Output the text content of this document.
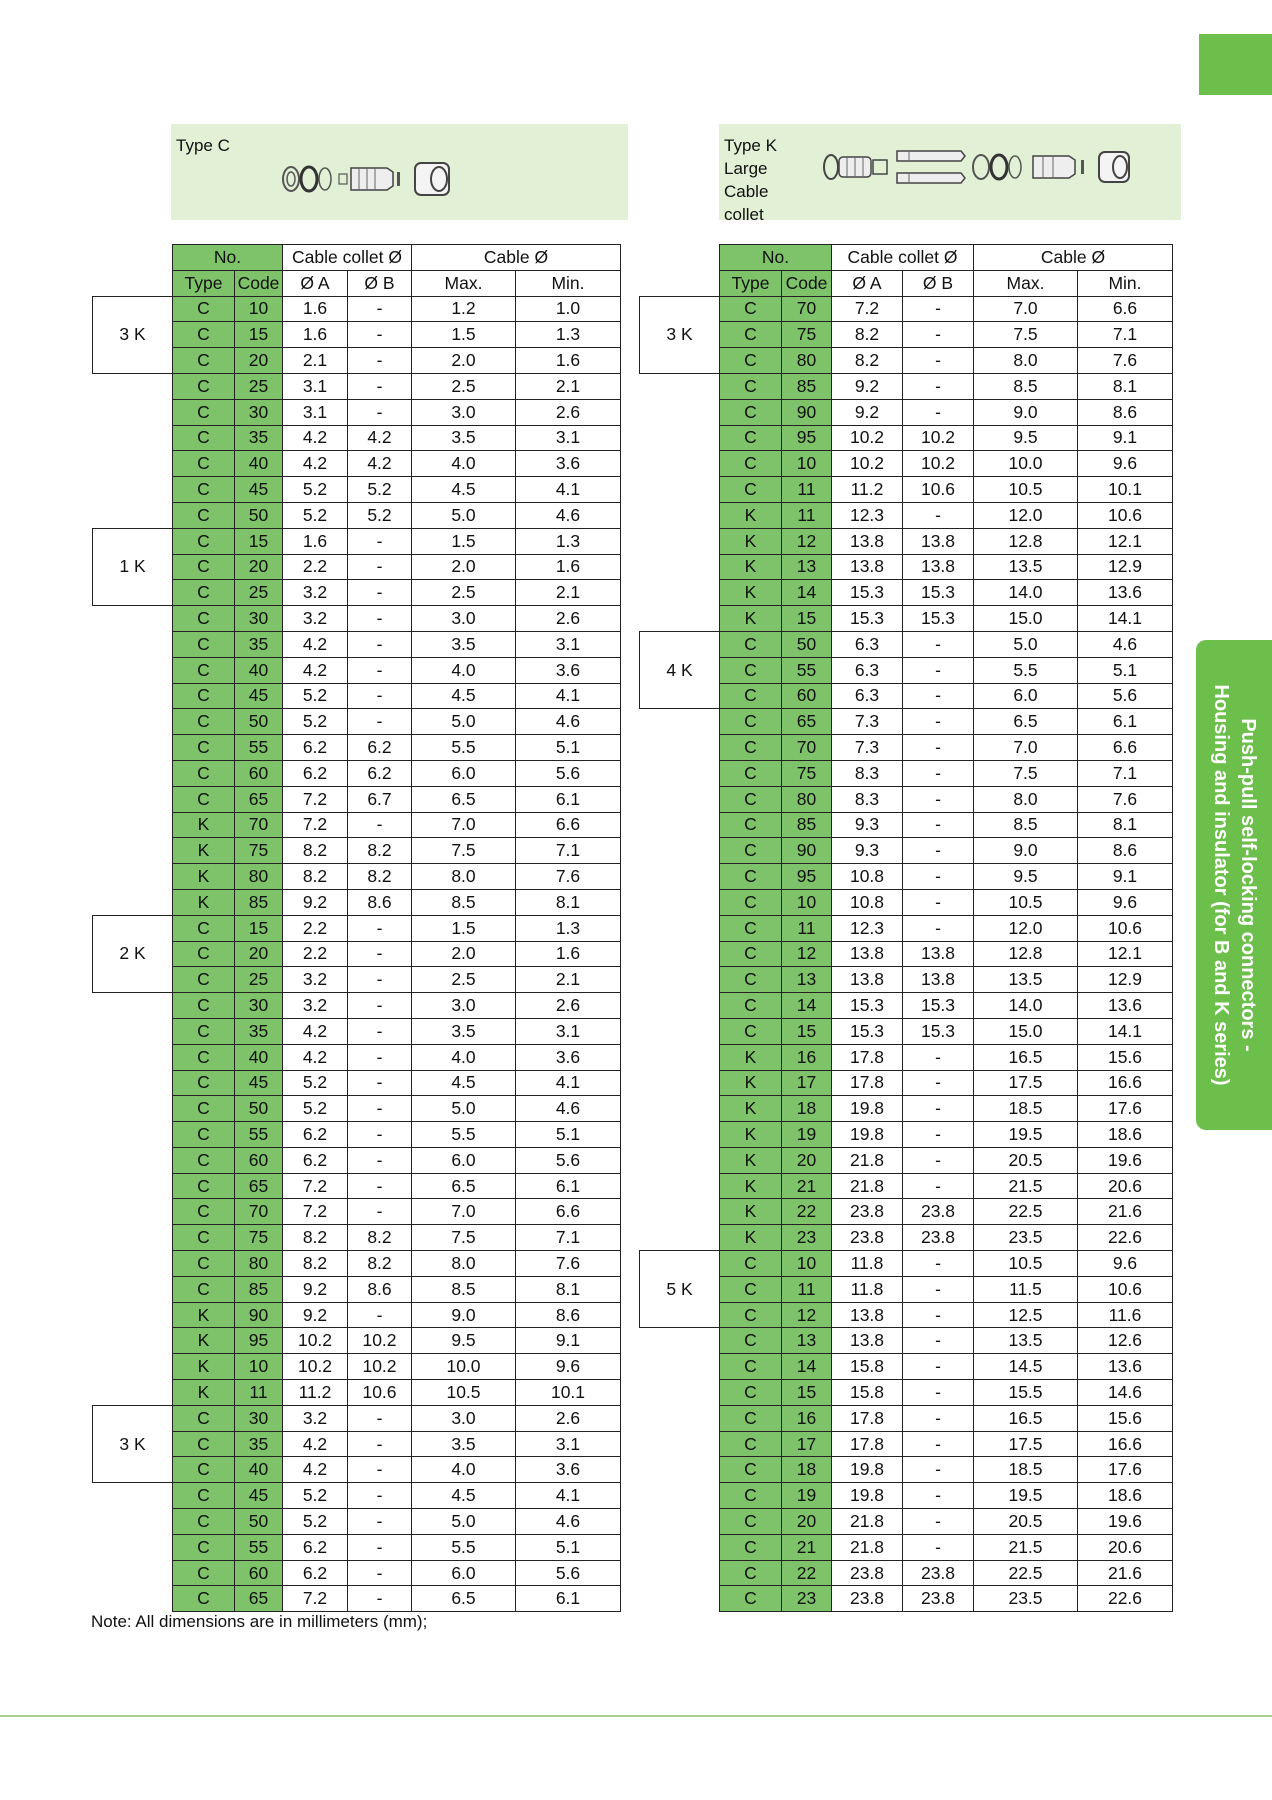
Push-pull self-locking connectors -
Housing and insulator (for B and K series)
Type C	Type K
Large
Cable
collet
	No.		Cable collet Ø		Cable Ø	
	Type	Code	Ø A	Ø B	Max.	Min.
3 K	C	10	1.6	-	1.2	1.0
	C	15	1.6	-	1.5	1.3
	C	20	2.1	-	2.0	1.6
	C	25	3.1	-	2.5	2.1
	C	30	3.1	-	3.0	2.6
	C	35	4.2	4.2	3.5	3.1
	C	40	4.2	4.2	4.0	3.6
	C	45	5.2	5.2	4.5	4.1
	C	50	5.2	5.2	5.0	4.6
1 K	C	15	1.6	-	1.5	1.3
	C	20	2.2	-	2.0	1.6
	C	25	3.2	-	2.5	2.1
	C	30	3.2	-	3.0	2.6
	C	35	4.2	-	3.5	3.1
	C	40	4.2	-	4.0	3.6
	C	45	5.2	-	4.5	4.1
	C	50	5.2	-	5.0	4.6
	C	55	6.2	6.2	5.5	5.1
	C	60	6.2	6.2	6.0	5.6
	C	65	7.2	6.7	6.5	6.1
	K	70	7.2	-	7.0	6.6
	K	75	8.2	8.2	7.5	7.1
	K	80	8.2	8.2	8.0	7.6
	K	85	9.2	8.6	8.5	8.1
2 K	C	15	2.2	-	1.5	1.3
	C	20	2.2	-	2.0	1.6
	C	25	3.2	-	2.5	2.1
	C	30	3.2	-	3.0	2.6
	C	35	4.2	-	3.5	3.1
	C	40	4.2	-	4.0	3.6
	C	45	5.2	-	4.5	4.1
	C	50	5.2	-	5.0	4.6
	C	55	6.2	-	5.5	5.1
	C	60	6.2	-	6.0	5.6
	C	65	7.2	-	6.5	6.1
	C	70	7.2	-	7.0	6.6
	C	75	8.2	8.2	7.5	7.1
	C	80	8.2	8.2	8.0	7.6
	C	85	9.2	8.6	8.5	8.1
	K	90	9.2	-	9.0	8.6
	K	95	10.2	10.2	9.5	9.1
	K	10	10.2	10.2	10.0	9.6
	K	11	11.2	10.6	10.5	10.1
3 K	C	30	3.2	-	3.0	2.6
	C	35	4.2	-	3.5	3.1
	C	40	4.2	-	4.0	3.6
	C	45	5.2	-	4.5	4.1
	C	50	5.2	-	5.0	4.6
	C	55	6.2	-	5.5	5.1
	C	60	6.2	-	6.0	5.6
	C	65	7.2	-	6.5	6.1
	No.		Cable collet Ø		Cable Ø	
	Type	Code	Ø A	Ø B	Max.	Min.
3 K	C	70	7.2	-	7.0	6.6
	C	75	8.2	-	7.5	7.1
	C	80	8.2	-	8.0	7.6
	C	85	9.2	-	8.5	8.1
	C	90	9.2	-	9.0	8.6
	C	95	10.2	10.2	9.5	9.1
	C	10	10.2	10.2	10.0	9.6
	C	11	11.2	10.6	10.5	10.1
	K	11	12.3	-	12.0	10.6
	K	12	13.8	13.8	12.8	12.1
	K	13	13.8	13.8	13.5	12.9
	K	14	15.3	15.3	14.0	13.6
	K	15	15.3	15.3	15.0	14.1
4 K	C	50	6.3	-	5.0	4.6
	C	55	6.3	-	5.5	5.1
	C	60	6.3	-	6.0	5.6
	C	65	7.3	-	6.5	6.1
	C	70	7.3	-	7.0	6.6
	C	75	8.3	-	7.5	7.1
	C	80	8.3	-	8.0	7.6
	C	85	9.3	-	8.5	8.1
	C	90	9.3	-	9.0	8.6
	C	95	10.8	-	9.5	9.1
	C	10	10.8	-	10.5	9.6
	C	11	12.3	-	12.0	10.6
	C	12	13.8	13.8	12.8	12.1
	C	13	13.8	13.8	13.5	12.9
	C	14	15.3	15.3	14.0	13.6
	C	15	15.3	15.3	15.0	14.1
	K	16	17.8	-	16.5	15.6
	K	17	17.8	-	17.5	16.6
	K	18	19.8	-	18.5	17.6
	K	19	19.8	-	19.5	18.6
	K	20	21.8	-	20.5	19.6
	K	21	21.8	-	21.5	20.6
	K	22	23.8	23.8	22.5	21.6
	K	23	23.8	23.8	23.5	22.6
5 K	C	10	11.8	-	10.5	9.6
	C	11	11.8	-	11.5	10.6
	C	12	13.8	-	12.5	11.6
	C	13	13.8	-	13.5	12.6
	C	14	15.8	-	14.5	13.6
	C	15	15.8	-	15.5	14.6
	C	16	17.8	-	16.5	15.6
	C	17	17.8	-	17.5	16.6
	C	18	19.8	-	18.5	17.6
	C	19	19.8	-	19.5	18.6
	C	20	21.8	-	20.5	19.6
	C	21	21.8	-	21.5	20.6
	C	22	23.8	23.8	22.5	21.6
	C	23	23.8	23.8	23.5	22.6
Note: All dimensions are in millimeters (mm);
